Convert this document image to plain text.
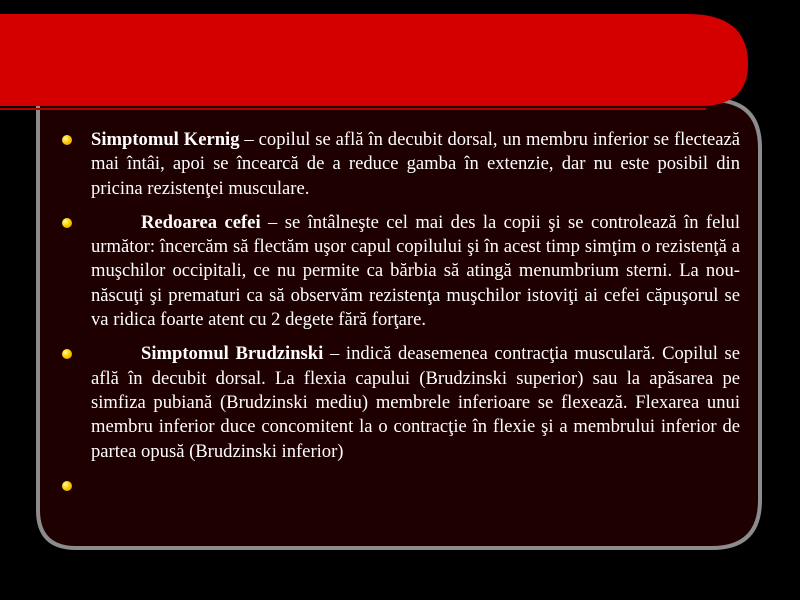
Simptomul Kernig – copilul se află în decubit dorsal, un membru inferior se flectează mai întâi, apoi se încearcă de a reduce gamba în extenzie, dar nu este posibil din pricina rezistenţei musculare.
Redoarea cefei – se întâlneşte cel mai des la copii şi se controlează în felul următor: încercăm să flectăm uşor capul copilului şi în acest timp simţim o rezistenţă a muşchilor occipitali, ce nu permite ca bărbia să atingă menumbrium sterni. La nou-născuţi şi prematuri ca să observăm rezistenţa muşchilor istoviţi ai cefei căpuşorul se va ridica foarte atent cu 2 degete fără forţare.
Simptomul Brudzinski – indică deasemenea contracţia musculară. Copilul se află în decubit dorsal. La flexia capului (Brudzinski superior) sau la apăsarea pe simfiza pubiană (Brudzinski mediu) membrele inferioare se flexează. Flexarea unui membru inferior duce concomitent la o contracţie în flexie şi a membrului inferior de partea opusă (Brudzinski inferior)
